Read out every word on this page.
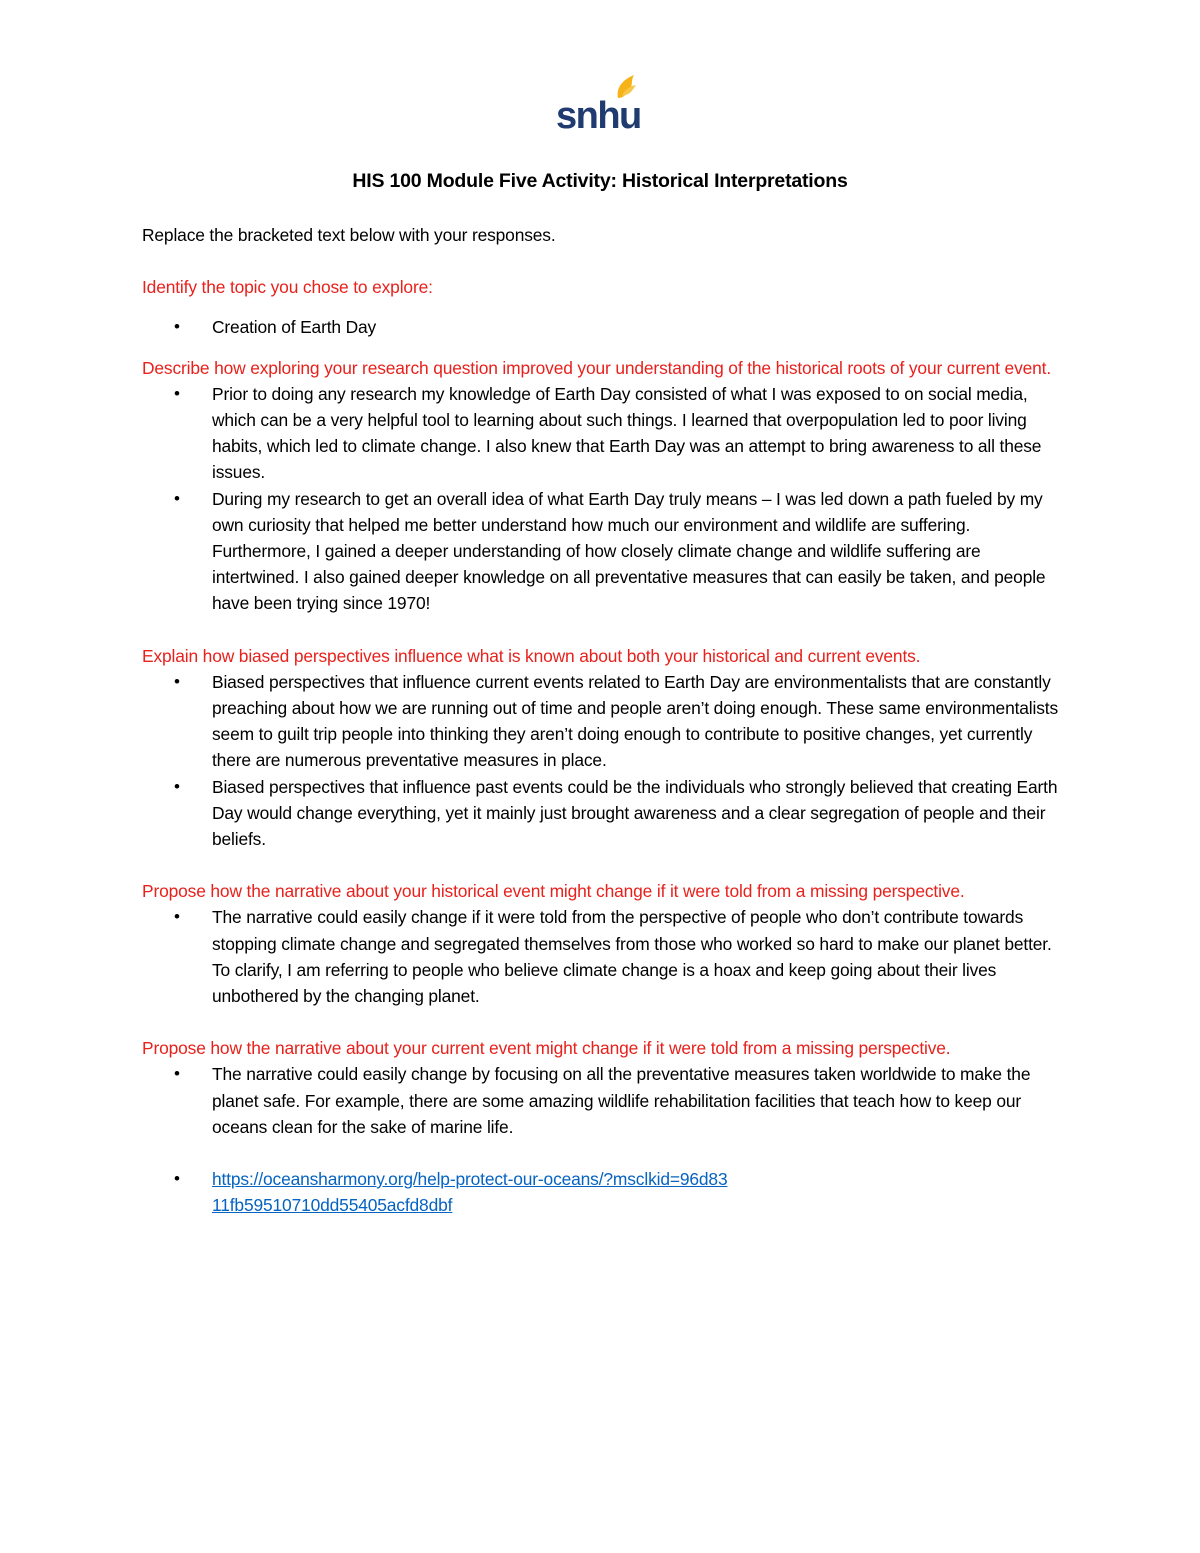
snhu
HIS 100 Module Five Activity: Historical Interpretations

Replace the bracketed text below with your responses.

Identify the topic you chose to explore:

• Creation of Earth Day

Describe how exploring your research question improved your understanding of the historical roots of your current event.

• Prior to doing any research my knowledge of Earth Day consisted of what I was exposed to on social media, which can be a very helpful tool to learning about such things. I learned that overpopulation led to poor living habits, which led to climate change. I also knew that Earth Day was an attempt to bring awareness to all these issues.
• During my research to get an overall idea of what Earth Day truly means – I was led down a path fueled by my own curiosity that helped me better understand how much our environment and wildlife are suffering. Furthermore, I gained a deeper understanding of how closely climate change and wildlife suffering are intertwined. I also gained deeper knowledge on all preventative measures that can easily be taken, and people have been trying since 1970!

Explain how biased perspectives influence what is known about both your historical and current events.

• Biased perspectives that influence current events related to Earth Day are environmentalists that are constantly preaching about how we are running out of time and people aren’t doing enough. These same environmentalists seem to guilt trip people into thinking they aren’t doing enough to contribute to positive changes, yet currently there are numerous preventative measures in place.
• Biased perspectives that influence past events could be the individuals who strongly believed that creating Earth Day would change everything, yet it mainly just brought awareness and a clear segregation of people and their beliefs.

Propose how the narrative about your historical event might change if it were told from a missing perspective.

• The narrative could easily change if it were told from the perspective of people who don’t contribute towards stopping climate change and segregated themselves from those who worked so hard to make our planet better. To clarify, I am referring to people who believe climate change is a hoax and keep going about their lives unbothered by the changing planet.

Propose how the narrative about your current event might change if it were told from a missing perspective.

• The narrative could easily change by focusing on all the preventative measures taken worldwide to make the planet safe. For example, there are some amazing wildlife rehabilitation facilities that teach how to keep our oceans clean for the sake of marine life.
• https://oceansharmony.org/help-protect-our-oceans/?msclkid=96d8311fb59510710dd55405acfd8dbf
